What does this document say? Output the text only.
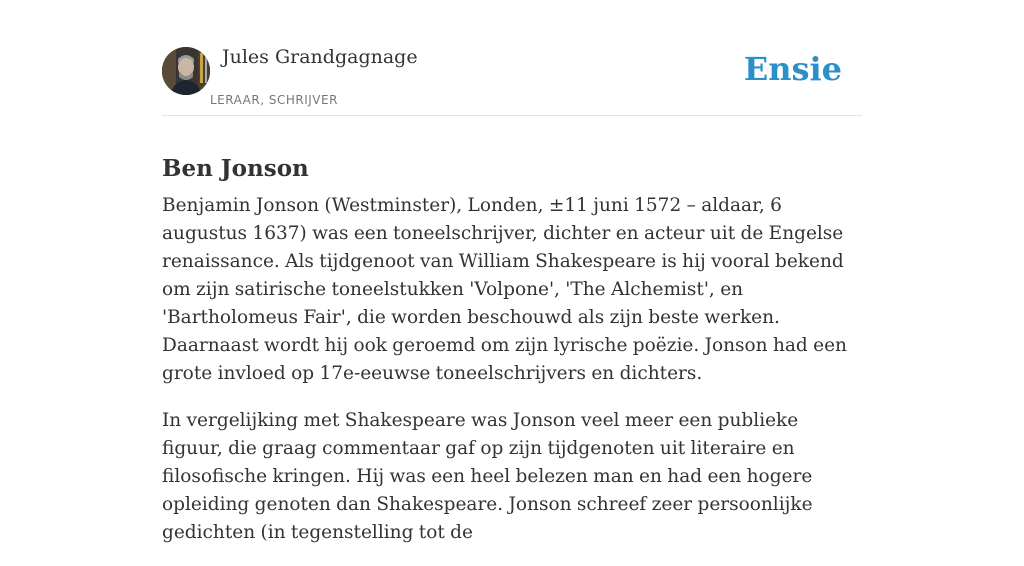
Jules Grandgagnage
LERAAR, SCHRIJVER
Ensie
Ben Jonson

Benjamin Jonson (Westminster), Londen, ±11 juni 1572 – aldaar, 6 augustus 1637) was een toneelschrijver, dichter en acteur uit de Engelse renaissance. Als tijdgenoot van William Shakespeare is hij vooral bekend om zijn satirische toneelstukken 'Volpone', 'The Alchemist', en 'Bartholomeus Fair', die worden beschouwd als zijn beste werken. Daarnaast wordt hij ook geroemd om zijn lyrische poëzie. Jonson had een grote invloed op 17e-eeuwse toneelschrijvers en dichters.

In vergelijking met Shakespeare was Jonson veel meer een publieke figuur, die graag commentaar gaf op zijn tijdgenoten uit literaire en filosofische kringen. Hij was een heel belezen man en had een hogere opleiding genoten dan Shakespeare. Jonson schreef zeer persoonlijke gedichten (in tegenstelling tot de
